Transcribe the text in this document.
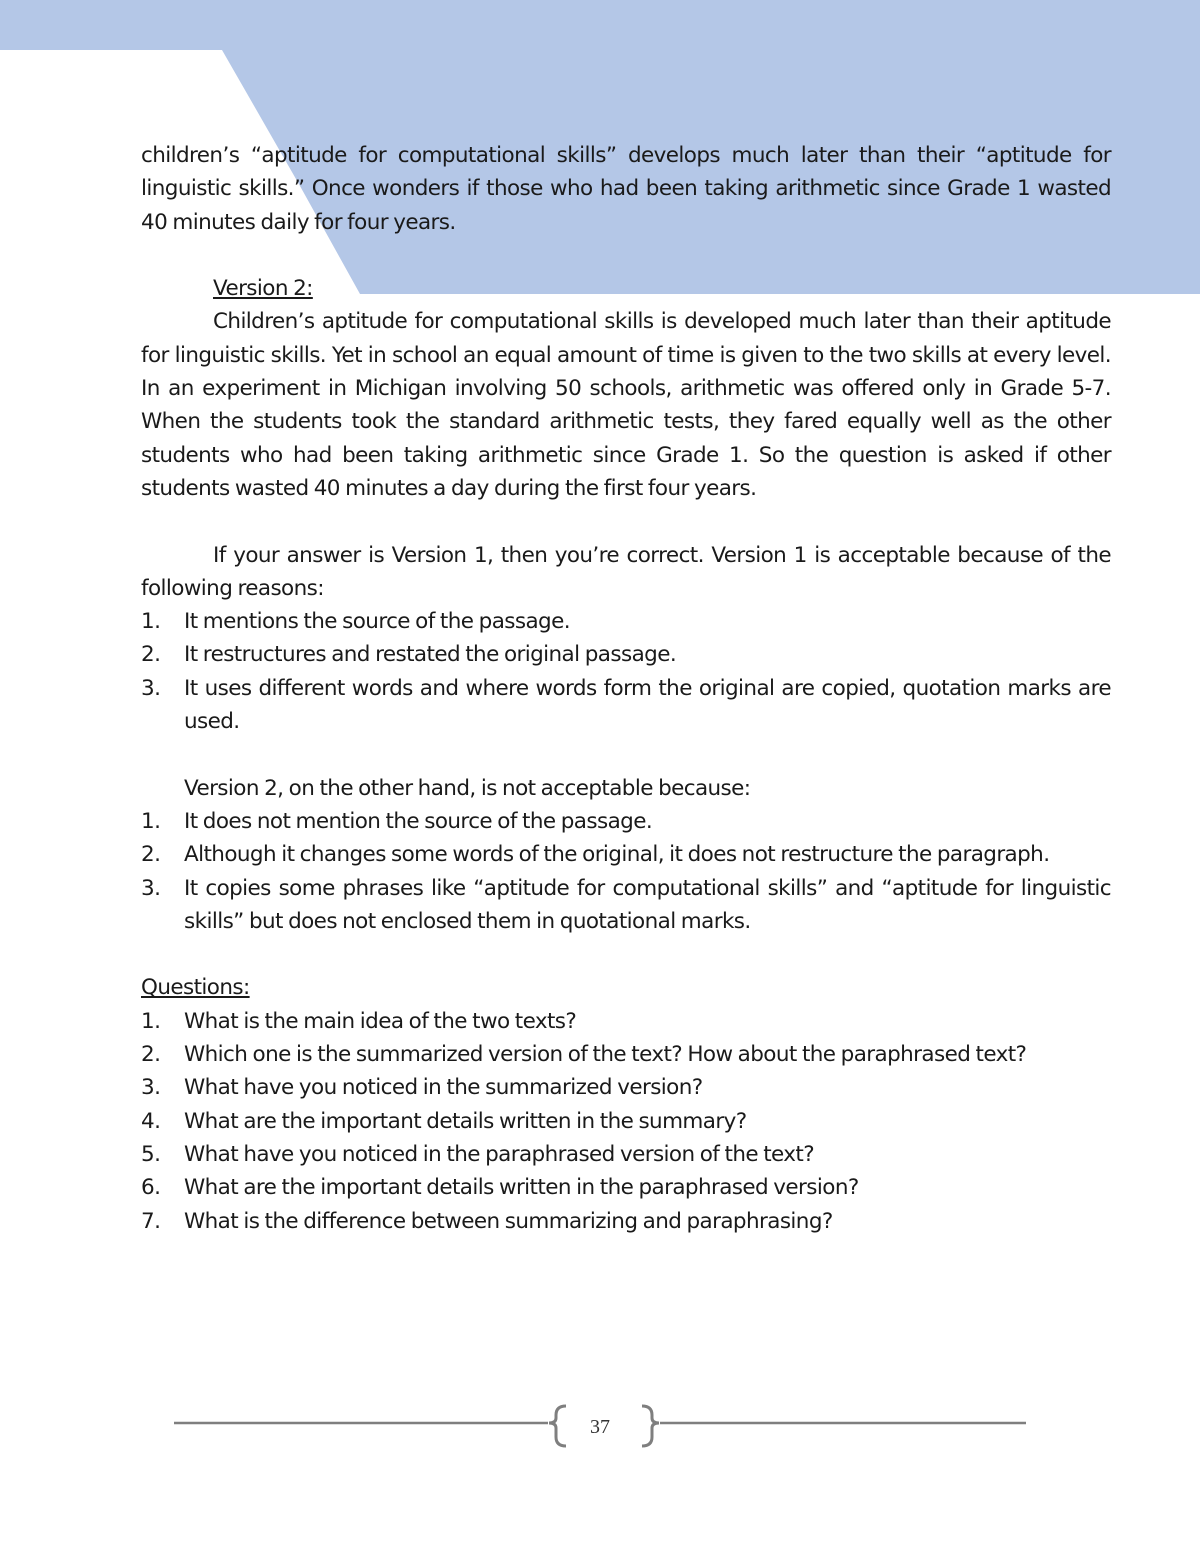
children’s “aptitude for computational skills” develops much later than their “aptitude for linguistic skills.” Once wonders if those who had been taking arithmetic since Grade 1 wasted 40 minutes daily for four years.

Version 2:

Children’s aptitude for computational skills is developed much later than their aptitude for linguistic skills. Yet in school an equal amount of time is given to the two skills at every level. In an experiment in Michigan involving 50 schools, arithmetic was offered only in Grade 5-7. When the students took the standard arithmetic tests, they fared equally well as the other students who had been taking arithmetic since Grade 1. So the question is asked if other students wasted 40 minutes a day during the first four years.

If your answer is Version 1, then you’re correct. Version 1 is acceptable because of the following reasons:

1.	It mentions the source of the passage.
2.	It restructures and restated the original passage.
3.	It uses different words and where words form the original are copied, quotation marks are used.

Version 2, on the other hand, is not acceptable because:

1.	It does not mention the source of the passage.
2.	Although it changes some words of the original, it does not restructure the paragraph.
3.	It copies some phrases like “aptitude for computational skills” and “aptitude for linguistic skills” but does not enclosed them in quotational marks.

Questions:

1.	What is the main idea of the two texts?
2.	Which one is the summarized version of the text? How about the paraphrased text?
3.	What have you noticed in the summarized version?
4.	What are the important details written in the summary?
5.	What have you noticed in the paraphrased version of the text?
6.	What are the important details written in the paraphrased version?
7.	What is the difference between summarizing and paraphrasing?
37
